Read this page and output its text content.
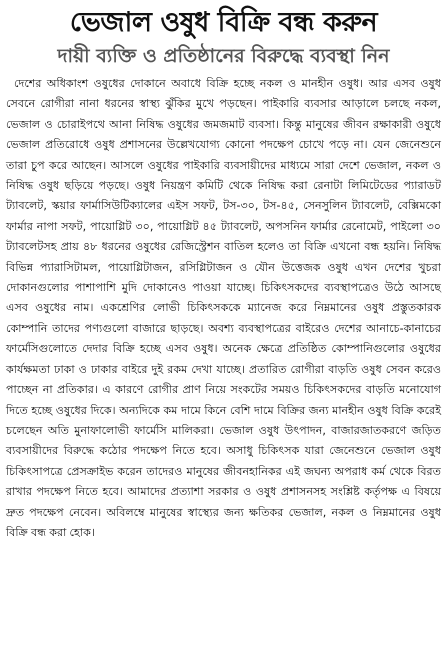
ভেজাল ওষুধ বিক্রি বন্ধ করুন
দায়ী ব্যক্তি ও প্রতিষ্ঠানের বিরুদ্ধে ব্যবস্থা নিন

দেশের অধিকাংশ ওষুধের দোকানে অবাধে বিক্রি হচ্ছে নকল ও মানহীন ওষুধ। আর এসব ওষুধ সেবনে রোগীরা নানা ধরনের স্বাস্থ্য ঝুঁকির মুখে পড়ছেন। পাইকারি ব্যবসার আড়ালে চলছে নকল, ভেজাল ও চোরাইপথে আনা নিষিদ্ধ ওষুধের জমজমাট ব্যবসা। কিন্তু মানুষের জীবন রক্ষাকারী ওষুধে ভেজাল প্রতিরোধে ওষুধ প্রশাসনের উল্লেখযোগ্য কোনো পদক্ষেপ চোখে পড়ে না। যেন জেনেশুনে তারা চুপ করে আছেন। আসলে ওষুধের পাইকারি ব্যবসায়ীদের মাধ্যমে সারা দেশে ভেজাল, নকল ও নিষিদ্ধ ওষুধ ছড়িয়ে পড়ছে। ওষুধ নিয়ন্ত্রণ কমিটি থেকে নিষিদ্ধ করা রেনাটা লিমিটেডের প্যারাডট ট্যাবলেট, স্কয়ার ফার্মাসিউটিক্যালের এইস সফট, টস-৩০, টস-৪৫, সেনসুলিন ট্যাবলেট, বেক্সিমকো ফার্মার নাপা সফট, পায়োগ্লিট ৩০, পায়োগ্লিট ৪৫ ট্যাবলেট, অপসনিন ফার্মার রেনোমেট, পাইলো ৩০ ট্যাবলেটসহ প্রায় ৪৮ ধরনের ওষুধের রেজিস্ট্রেশন বাতিল হলেও তা বিক্রি এখনো বন্ধ হয়নি। নিষিদ্ধ বিভিন্ন প্যারাসিটামল, পায়োগ্লিটাজন, রসিগ্লিটাজন ও যৌন উত্তেজক ওষুধ এখন দেশের খুচরা দোকানগুলোর পাশাপাশি মুদি দোকানেও পাওয়া যাচ্ছে। চিকিৎসকদের ব্যবস্থাপত্রেও উঠে আসছে এসব ওষুধের নাম। একশ্রেণির লোভী চিকিৎসককে ম্যানেজ করে নিম্নমানের ওষুধ প্রস্তুতকারক কোম্পানি তাদের পণ্যগুলো বাজারে ছাড়ছে। অবশ্য ব্যবস্থাপত্রের বাইরেও দেশের আনাচে-কানাচের ফার্মেসিগুলোতে দেদার বিক্রি হচ্ছে এসব ওষুধ। অনেক ক্ষেত্রে প্রতিষ্ঠিত কোম্পানিগুলোর ওষুধের কার্যক্ষমতা ঢাকা ও ঢাকার বাইরে দুই রকম দেখা যাচ্ছে। প্রতারিত রোগীরা বাড়তি ওষুধ সেবন করেও পাচ্ছেন না প্রতিকার। এ কারণে রোগীর প্রাণ নিয়ে সংকটের সময়ও চিকিৎসকদের বাড়তি মনোযোগ দিতে হচ্ছে ওষুধের দিকে। অন্যদিকে কম দামে কিনে বেশি দামে বিক্রির জন্য মানহীন ওষুধ বিক্রি করেই চলেছেন অতি মুনাফালোভী ফার্মেসি মালিকরা। ভেজাল ওষুধ উৎপাদন, বাজারজাতকরণে জড়িত ব্যবসায়ীদের বিরুদ্ধে কঠোর পদক্ষেপ নিতে হবে। অসাধু চিকিৎসক যারা জেনেশুনে ভেজাল ওষুধ চিকিৎসাপত্রে প্রেসক্রাইভ করেন তাদেরও মানুষের জীবনহানিকর এই জঘন্য অপরাধ কর্ম থেকে বিরত রাখার পদক্ষেপ নিতে হবে। আমাদের প্রত্যাশা সরকার ও ওষুধ প্রশাসনসহ সংশ্লিষ্ট কর্তৃপক্ষ এ বিষয়ে দ্রুত পদক্ষেপ নেবেন। অবিলম্বে মানুষের স্বাস্থ্যের জন্য ক্ষতিকর ভেজাল, নকল ও নিম্নমানের ওষুধ বিক্রি বন্ধ করা হোক।
